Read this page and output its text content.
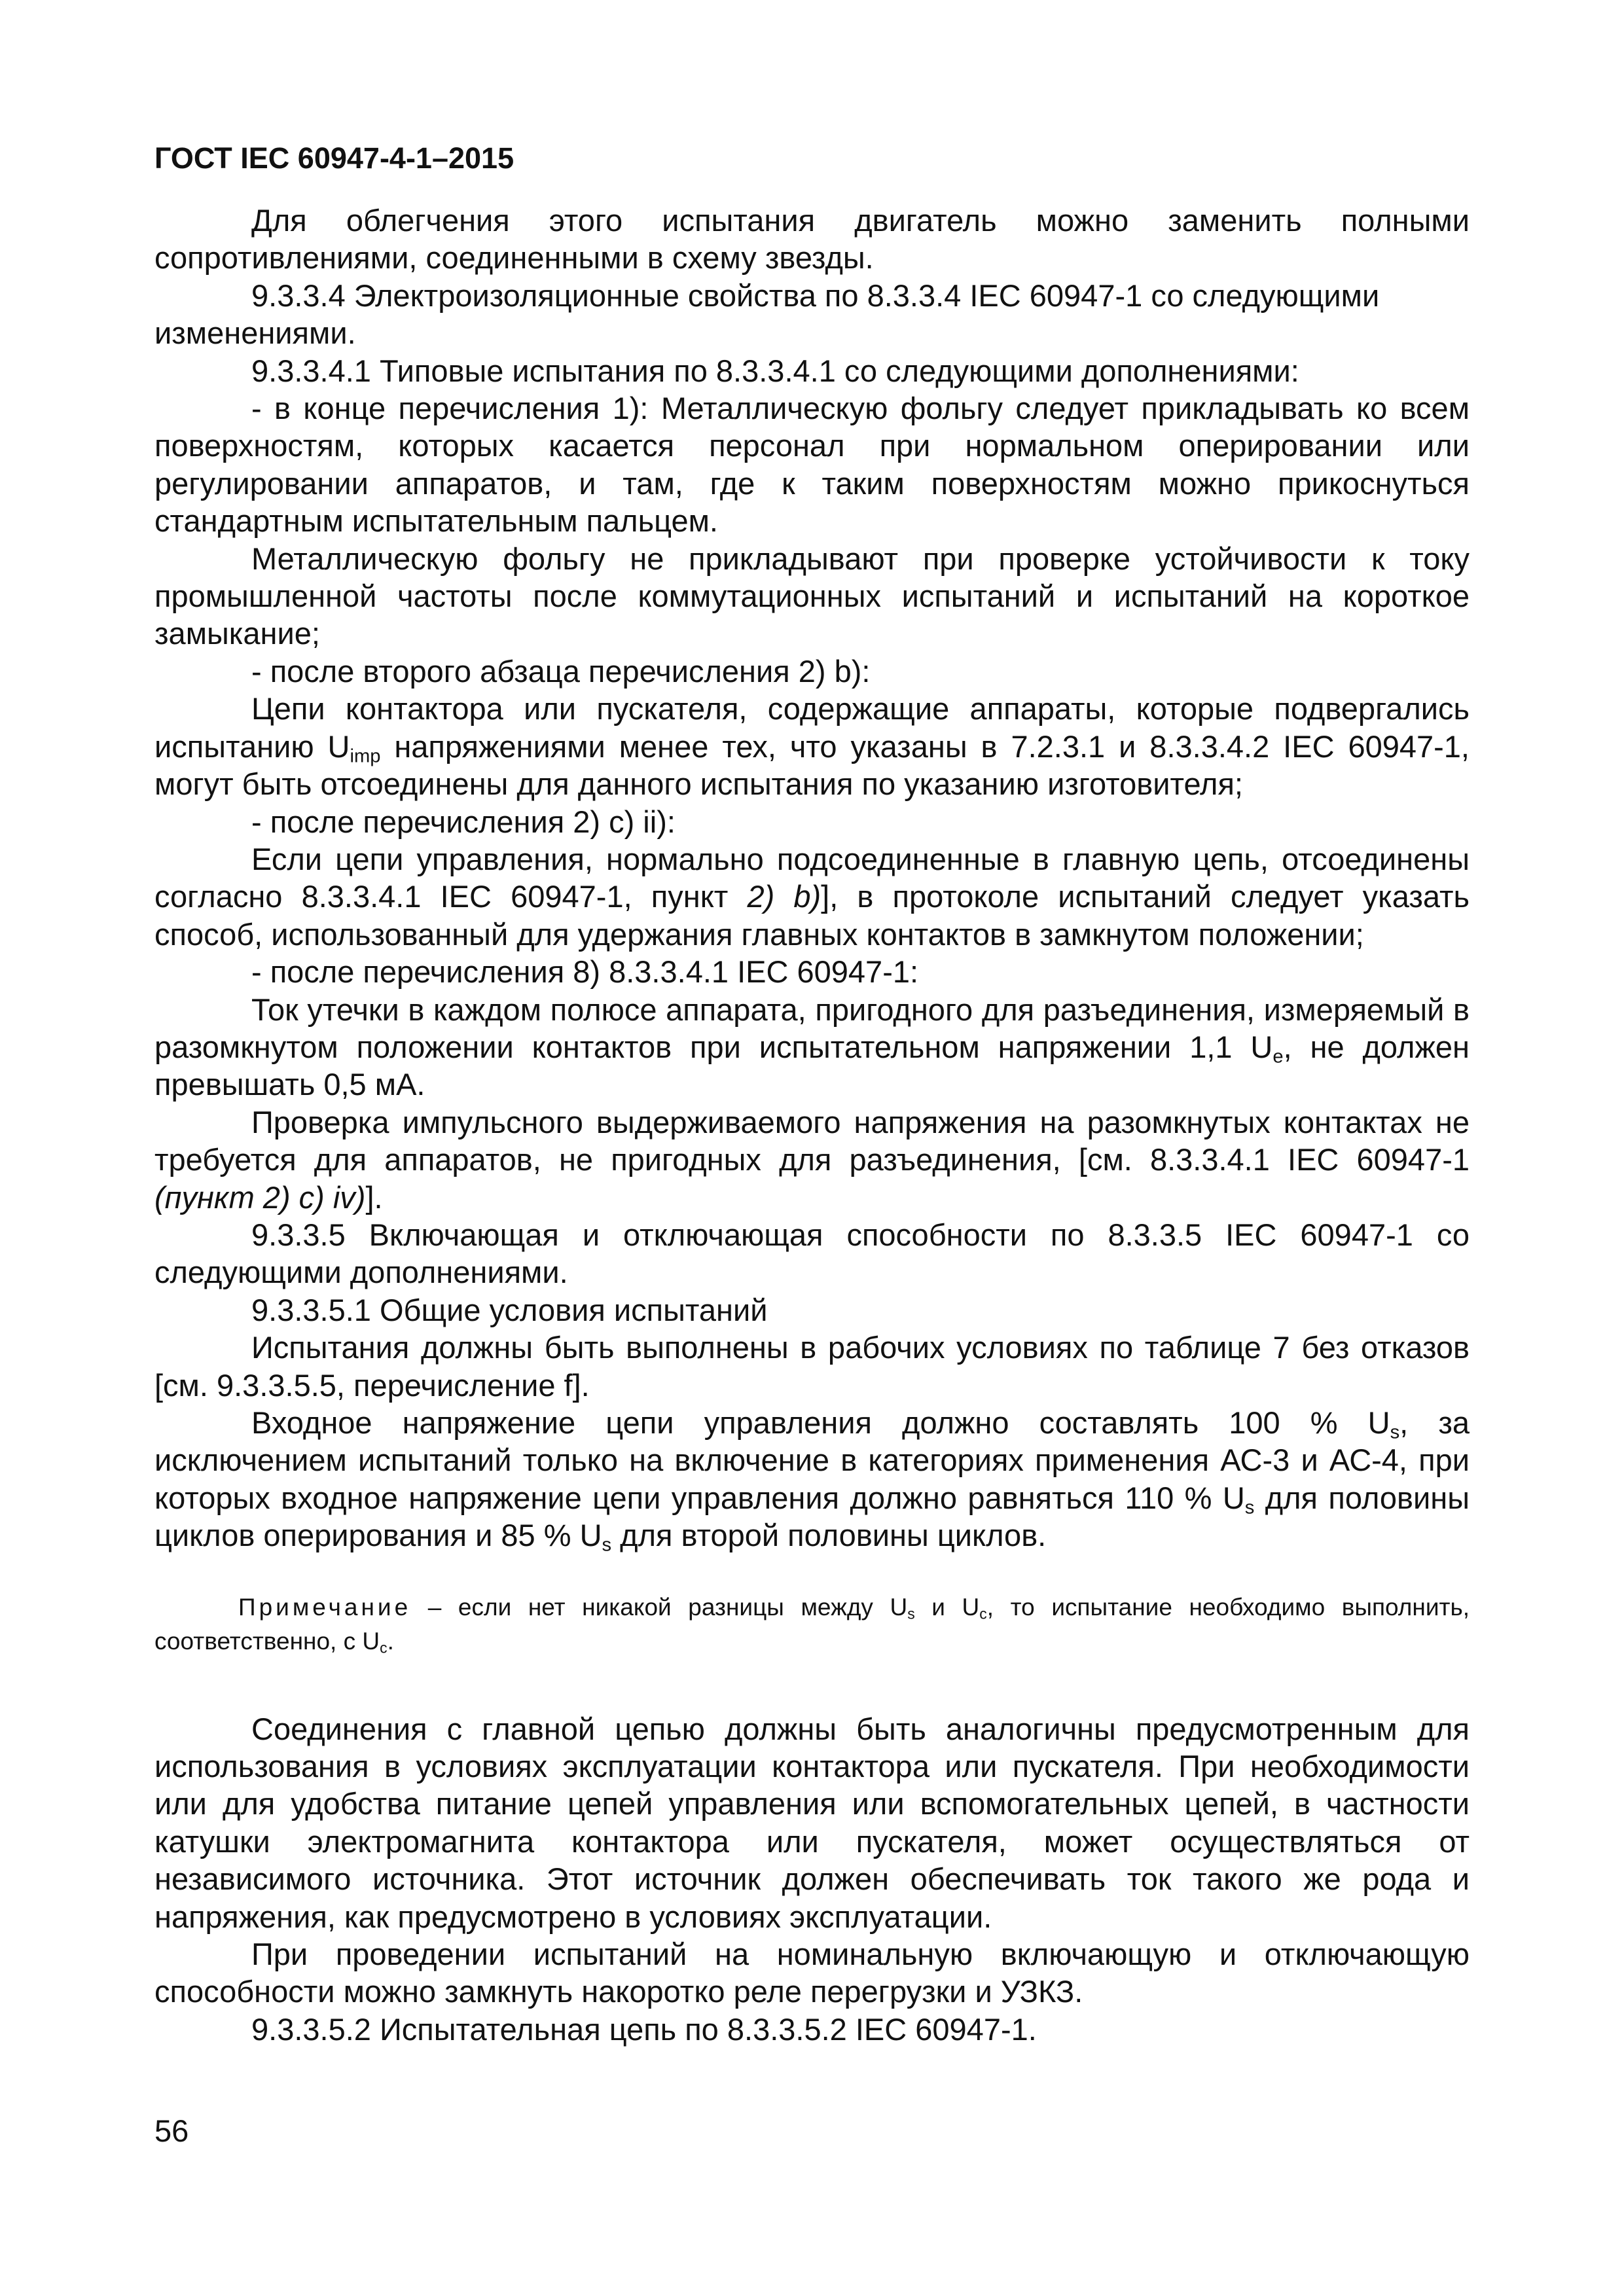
ГОСТ IEC 60947-4-1–2015

Для облегчения этого испытания двигатель можно заменить полными сопротивлениями, соединенными в схему звезды.

9.3.3.4 Электроизоляционные свойства по 8.3.3.4 IEC 60947-1 со следующими изменениями.

9.3.3.4.1 Типовые испытания по 8.3.3.4.1 со следующими дополнениями:

- в конце перечисления 1): Металлическую фольгу следует прикладывать ко всем поверхностям, которых касается персонал при нормальном оперировании или регулировании аппаратов, и там, где к таким поверхностям можно прикоснуться стандартным испытательным пальцем.

Металлическую фольгу не прикладывают при проверке устойчивости к току промышленной частоты после коммутационных испытаний и испытаний на короткое замыкание;

- после второго абзаца перечисления 2) b):

Цепи контактора или пускателя, содержащие аппараты, которые подвергались испытанию $U_{imp}$ напряжениями менее тех, что указаны в 7.2.3.1 и 8.3.3.4.2 IEC 60947-1, могут быть отсоединены для данного испытания по указанию изготовителя;

- после перечисления 2) c) ii):

Если цепи управления, нормально подсоединенные в главную цепь, отсоединены согласно 8.3.3.4.1 IEC 60947-1, пункт 2) b)], в протоколе испытаний следует указать способ, использованный для удержания главных контактов в замкнутом положении;

- после перечисления 8) 8.3.3.4.1 IEC 60947-1:

Ток утечки в каждом полюсе аппарата, пригодного для разъединения, измеряемый в разомкнутом положении контактов при испытательном напряжении 1,1 $U_e$, не должен превышать 0,5 мА.

Проверка импульсного выдерживаемого напряжения на разомкнутых контактах не требуется для аппаратов, не пригодных для разъединения, [см. 8.3.3.4.1 IEC 60947-1 (пункт 2) c) iv)].

9.3.3.5 Включающая и отключающая способности по 8.3.3.5 IEC 60947-1 со следующими дополнениями.

9.3.3.5.1 Общие условия испытаний

Испытания должны быть выполнены в рабочих условиях по таблице 7 без отказов [см. 9.3.3.5.5, перечисление f].

Входное напряжение цепи управления должно составлять 100 % $U_s$, за исключением испытаний только на включение в категориях применения АС-3 и АС-4, при которых входное напряжение цепи управления должно равняться 110 % $U_s$ для половины циклов оперирования и 85 % $U_s$ для второй половины циклов.

Примечание – если нет никакой разницы между $U_s$ и $U_c$, то испытание необходимо выполнить, соответственно, с $U_c$.

Соединения с главной цепью должны быть аналогичны предусмотренным для использования в условиях эксплуатации контактора или пускателя. При необходимости или для удобства питание цепей управления или вспомогательных цепей, в частности катушки электромагнита контактора или пускателя, может осуществляться от независимого источника. Этот источник должен обеспечивать ток такого же рода и напряжения, как предусмотрено в условиях эксплуатации.

При проведении испытаний на номинальную включающую и отключающую способности можно замкнуть накоротко реле перегрузки и УЗКЗ.

9.3.3.5.2 Испытательная цепь по 8.3.3.5.2 IEC 60947-1.

56
